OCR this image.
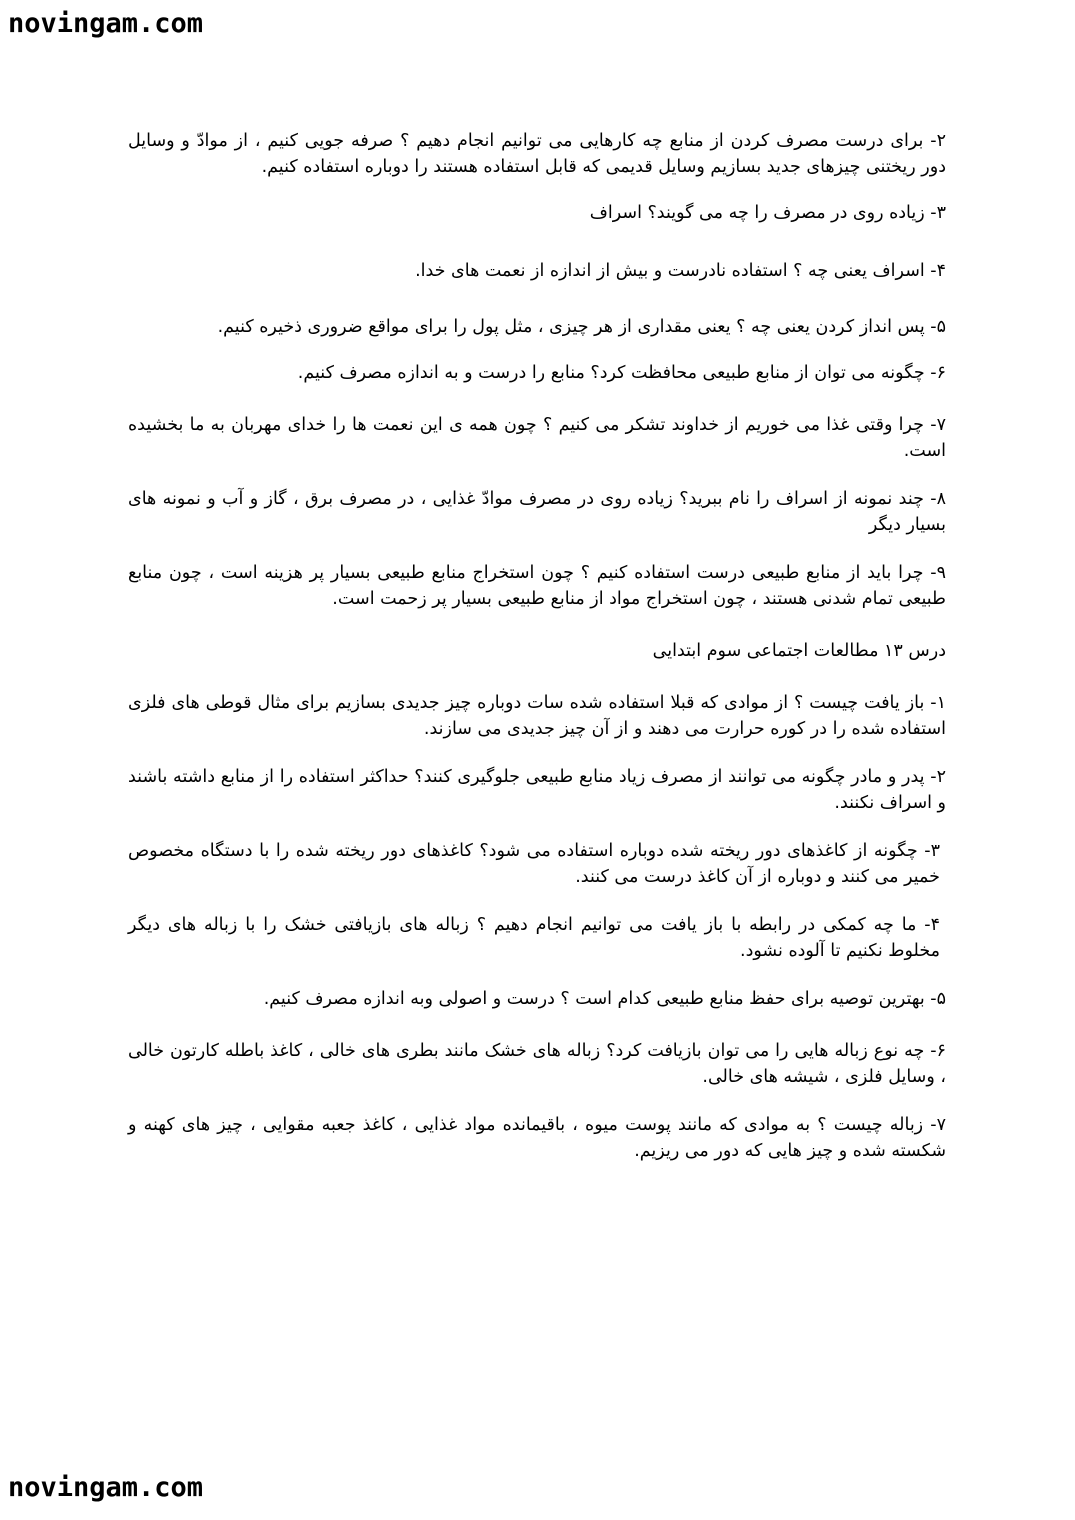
novingam.com

۲- برای درست مصرف کردن از منابع چه کارهایی می توانیم انجام دهیم ؟ صرفه جویی کنیم ، از موادّ و وسایل دور ریختنی چیزهای جدید بسازیم وسایل قدیمی که قابل استفاده هستند را دوباره استفاده کنیم.

۳- زیاده روی در مصرف را چه می گویند؟ اسراف

۴- اسراف یعنی چه ؟ استفاده نادرست و بیش از اندازه از نعمت های خدا.

۵- پس انداز کردن یعنی چه ؟ یعنی مقداری از هر چیزی ، مثل پول را برای مواقع ضروری ذخیره کنیم.

۶- چگونه می توان از منابع طبیعی محافظت کرد؟ منابع را درست و به اندازه مصرف کنیم.

۷- چرا وقتی غذا می خوریم از خداوند تشکر می کنیم ؟ چون همه ی این نعمت ها را خدای مهربان به ما بخشیده است.

۸- چند نمونه از اسراف را نام ببرید؟ زیاده روی در مصرف موادّ غذایی ، در مصرف برق ، گاز و آب و نمونه های بسیار دیگر

۹- چرا باید از منابع طبیعی درست استفاده کنیم ؟ چون استخراج منابع طبیعی بسیار پر هزینه است ، چون منابع طبیعی تمام شدنی هستند ، چون استخراج مواد از منابع طبیعی بسیار پر زحمت است.

درس ۱۳ مطالعات اجتماعی سوم ابتدایی

۱- باز یافت چیست ؟ از موادی که قبلا استفاده شده سات دوباره چیز جدیدی بسازیم برای مثال قوطی های فلزی استفاده شده را در کوره حرارت می دهند و از آن چیز جدیدی می سازند.

۲- پدر و مادر چگونه می توانند از مصرف زیاد منابع طبیعی جلوگیری کنند؟ حداکثر استفاده را از منابع داشته باشند و اسراف نکنند.

۳- چگونه از کاغذهای دور ریخته شده دوباره استفاده می شود؟ کاغذهای دور ریخته شده را با دستگاه مخصوص خمیر می کنند و دوباره از آن کاغذ درست می کنند.

۴- ما چه کمکی در رابطه با باز یافت می توانیم انجام دهیم ؟ زباله های بازیافتی خشک را با زباله های دیگر مخلوط نکنیم تا آلوده نشود.

۵- بهترین توصیه برای حفظ منابع طبیعی کدام است ؟ درست و اصولی وبه اندازه مصرف کنیم.

۶- چه نوع زباله هایی را می توان بازیافت کرد؟ زباله های خشک مانند بطری های خالی ، کاغذ باطله کارتون خالی ، وسایل فلزی ، شیشه های خالی.

۷- زباله چیست ؟ به موادی که مانند پوست میوه ، باقیمانده مواد غذایی ، کاغذ جعبه مقوایی ، چیز های کهنه و شکسته شده و چیز هایی که دور می ریزیم.

novingam.com
